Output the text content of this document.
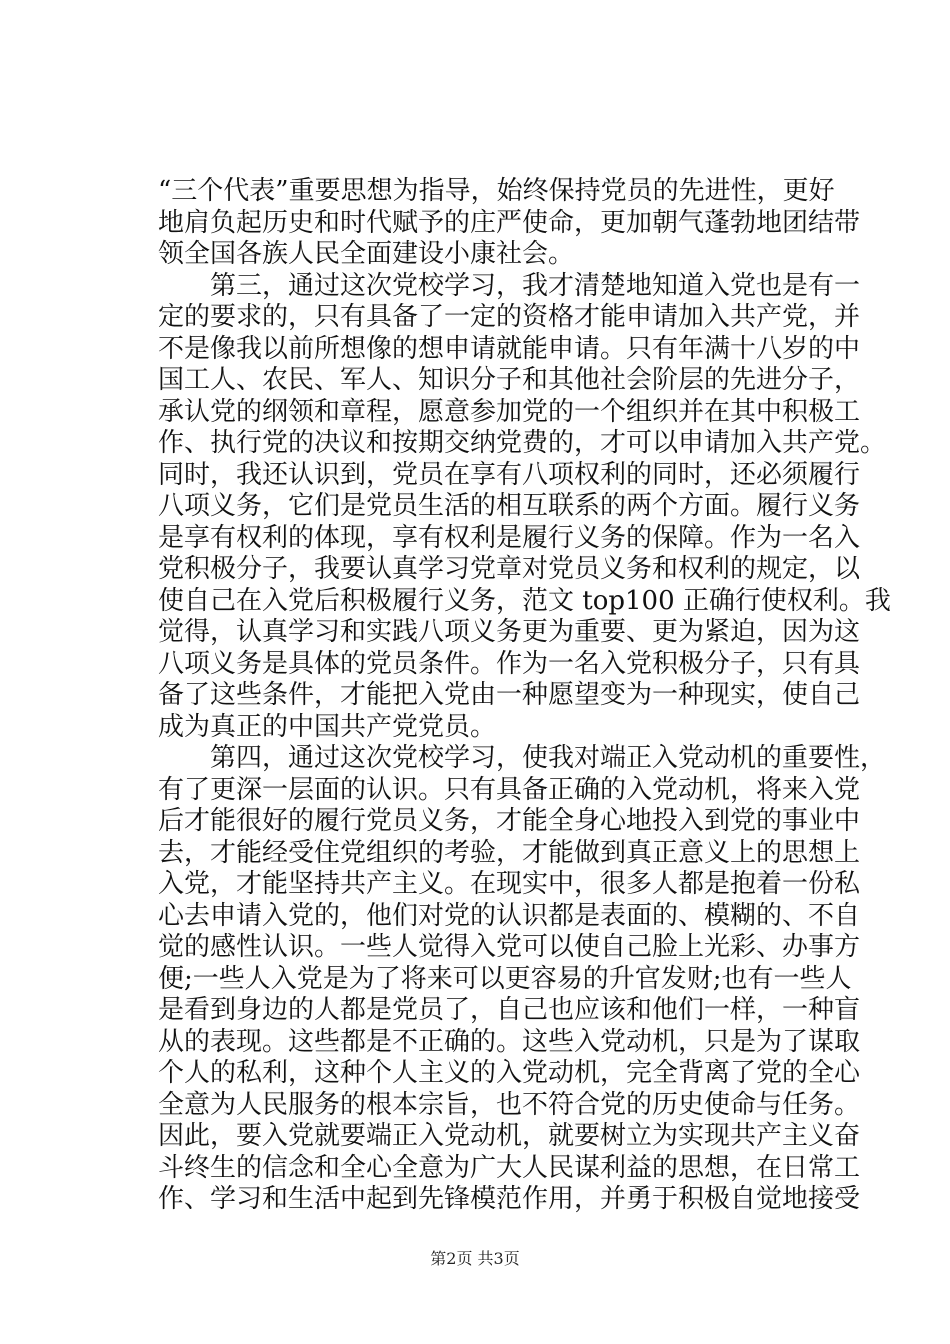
“三个代表”重要思想为指导，始终保持党员的先进性，更好
地肩负起历史和时代赋予的庄严使命，更加朝气蓬勃地团结带
领全国各族人民全面建设小康社会。
第三，通过这次党校学习，我才清楚地知道入党也是有一
定的要求的，只有具备了一定的资格才能申请加入共产党，并
不是像我以前所想像的想申请就能申请。只有年满十八岁的中
国工人、农民、军人、知识分子和其他社会阶层的先进分子，
承认党的纲领和章程，愿意参加党的一个组织并在其中积极工
作、执行党的决议和按期交纳党费的，才可以申请加入共产党。
同时，我还认识到，党员在享有八项权利的同时，还必须履行
八项义务，它们是党员生活的相互联系的两个方面。履行义务
是享有权利的体现，享有权利是履行义务的保障。作为一名入
党积极分子，我要认真学习党章对党员义务和权利的规定，以
使自己在入党后积极履行义务，范文 top100 正确行使权利。我
觉得，认真学习和实践八项义务更为重要、更为紧迫，因为这
八项义务是具体的党员条件。作为一名入党积极分子，只有具
备了这些条件，才能把入党由一种愿望变为一种现实，使自己
成为真正的中国共产党党员。
第四，通过这次党校学习，使我对端正入党动机的重要性，
有了更深一层面的认识。只有具备正确的入党动机，将来入党
后才能很好的履行党员义务，才能全身心地投入到党的事业中
去，才能经受住党组织的考验，才能做到真正意义上的思想上
入党，才能坚持共产主义。在现实中，很多人都是抱着一份私
心去申请入党的，他们对党的认识都是表面的、模糊的、不自
觉的感性认识。一些人觉得入党可以使自己脸上光彩、办事方
便;一些人入党是为了将来可以更容易的升官发财;也有一些人
是看到身边的人都是党员了，自己也应该和他们一样，一种盲
从的表现。这些都是不正确的。这些入党动机，只是为了谋取
个人的私利，这种个人主义的入党动机，完全背离了党的全心
全意为人民服务的根本宗旨，也不符合党的历史使命与任务。
因此，要入党就要端正入党动机，就要树立为实现共产主义奋
斗终生的信念和全心全意为广大人民谋利益的思想，在日常工
作、学习和生活中起到先锋模范作用，并勇于积极自觉地接受
第2页 共3页
